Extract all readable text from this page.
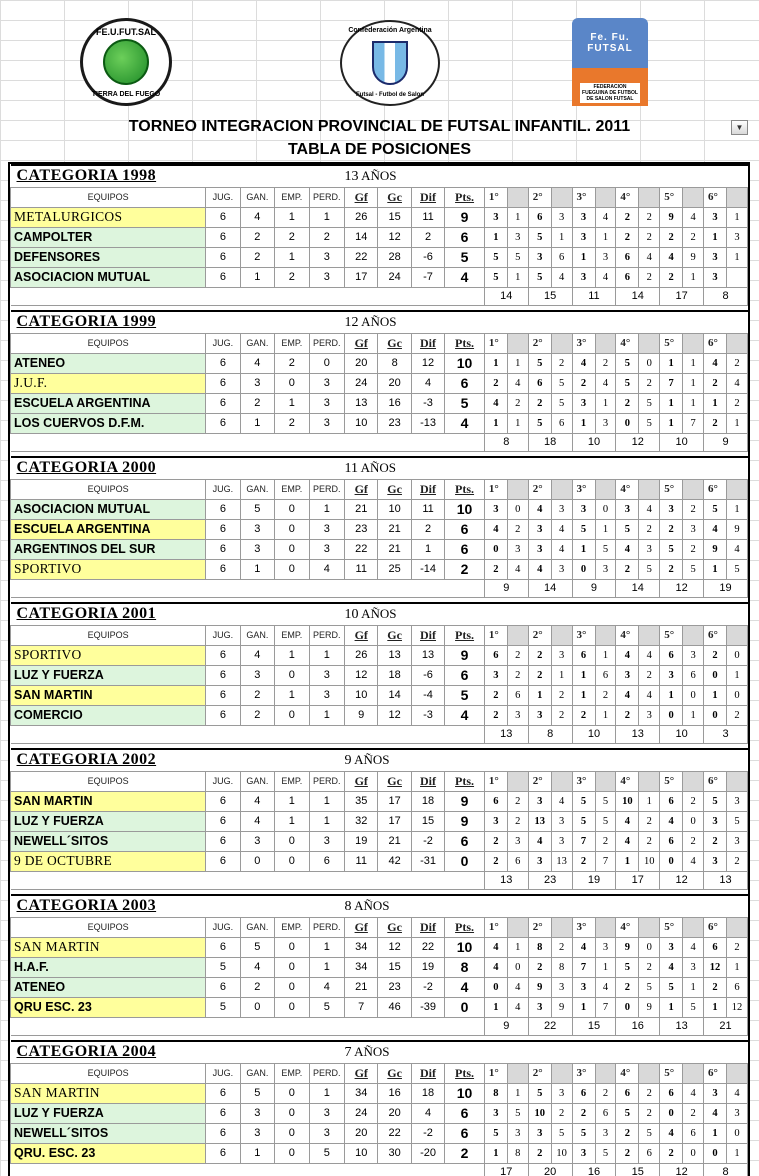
FE.U.FUT.SAL
TIERRA DEL FUEGO
Confederación Argentina
Futsal - Futbol de Salon
Fe. Fu.
FUTSAL
FEDERACION FUEGUINA DE FUTBOL DE SALON FUTSAL
TORNEO INTEGRACION PROVINCIAL DE FUTSAL INFANTIL. 2011
TABLA DE POSICIONES
▼
CATEGORIA 1998					13 AÑOS															
EQUIPOS	JUG.	GAN.	EMP.	PERD.	Gf	Gc	Dif	Pts.	1°		2°		3°		4°		5°		6°	
METALURGICOS	6	4	1	1	26	15	11	9	3	1	6	3	3	4	2	2	9	4	3	1
CAMPOLTER	6	2	2	2	14	12	2	6	1	3	5	1	3	1	2	2	2	2	1	3
DEFENSORES	6	2	1	3	22	28	-6	5	5	5	3	6	1	3	6	4	4	9	3	1
ASOCIACION MUTUAL	6	1	2	3	17	24	-7	4	5	1	5	4	3	4	6	2	2	1	3	
									14		15		11		14		17		8	

CATEGORIA 1999					12 AÑOS															
EQUIPOS	JUG.	GAN.	EMP.	PERD.	Gf	Gc	Dif	Pts.	1°		2°		3°		4°		5°		6°	
ATENEO	6	4	2	0	20	8	12	10	1	1	5	2	4	2	5	0	1	1	4	2
J.U.F.	6	3	0	3	24	20	4	6	2	4	6	5	2	4	5	2	7	1	2	4
ESCUELA ARGENTINA	6	2	1	3	13	16	-3	5	4	2	2	5	3	1	2	5	1	1	1	2
LOS CUERVOS D.F.M.	6	1	2	3	10	23	-13	4	1	1	5	6	1	3	0	5	1	7	2	1
									8		18		10		12		10		9	

CATEGORIA 2000					11 AÑOS															
EQUIPOS	JUG.	GAN.	EMP.	PERD.	Gf	Gc	Dif	Pts.	1°		2°		3°		4°		5°		6°	
ASOCIACION MUTUAL	6	5	0	1	21	10	11	10	3	0	4	3	3	0	3	4	3	2	5	1
ESCUELA ARGENTINA	6	3	0	3	23	21	2	6	4	2	3	4	5	1	5	2	2	3	4	9
ARGENTINOS DEL SUR	6	3	0	3	22	21	1	6	0	3	3	4	1	5	4	3	5	2	9	4
SPORTIVO	6	1	0	4	11	25	-14	2	2	4	4	3	0	3	2	5	2	5	1	5
									9		14		9		14		12		19	

CATEGORIA 2001					10 AÑOS															
EQUIPOS	JUG.	GAN.	EMP.	PERD.	Gf	Gc	Dif	Pts.	1°		2°		3°		4°		5°		6°	
SPORTIVO	6	4	1	1	26	13	13	9	6	2	2	3	6	1	4	4	6	3	2	0
LUZ Y FUERZA	6	3	0	3	12	18	-6	6	3	2	2	1	1	6	3	2	3	6	0	1
SAN MARTIN	6	2	1	3	10	14	-4	5	2	6	1	2	1	2	4	4	1	0	1	0
COMERCIO	6	2	0	1	9	12	-3	4	2	3	3	2	2	1	2	3	0	1	0	2
									13		8		10		13		10		3	

CATEGORIA 2002					9 AÑOS															
EQUIPOS	JUG.	GAN.	EMP.	PERD.	Gf	Gc	Dif	Pts.	1°		2°		3°		4°		5°		6°	
SAN MARTIN	6	4	1	1	35	17	18	9	6	2	3	4	5	5	10	1	6	2	5	3
LUZ Y FUERZA	6	4	1	1	32	17	15	9	3	2	13	3	5	5	4	2	4	0	3	5
NEWELL´SITOS	6	3	0	3	19	21	-2	6	2	3	4	3	7	2	4	2	6	2	2	3
9 DE OCTUBRE	6	0	0	6	11	42	-31	0	2	6	3	13	2	7	1	10	0	4	3	2
									13		23		19		17		12		13	

CATEGORIA 2003					8 AÑOS															
EQUIPOS	JUG.	GAN.	EMP.	PERD.	Gf	Gc	Dif	Pts.	1°		2°		3°		4°		5°		6°	
SAN MARTIN	6	5	0	1	34	12	22	10	4	1	8	2	4	3	9	0	3	4	6	2
H.A.F.	5	4	0	1	34	15	19	8	4	0	2	8	7	1	5	2	4	3	12	1
ATENEO	6	2	0	4	21	23	-2	4	0	4	9	3	3	4	2	5	5	1	2	6
QRU ESC. 23	5	0	0	5	7	46	-39	0	1	4	3	9	1	7	0	9	1	5	1	12
									9		22		15		16		13		21	

CATEGORIA 2004					7 AÑOS															
EQUIPOS	JUG.	GAN.	EMP.	PERD.	Gf	Gc	Dif	Pts.	1°		2°		3°		4°		5°		6°	
SAN MARTIN	6	5	0	1	34	16	18	10	8	1	5	3	6	2	6	2	6	4	3	4
LUZ Y FUERZA	6	3	0	3	24	20	4	6	3	5	10	2	2	6	5	2	0	2	4	3
NEWELL´SITOS	6	3	0	3	20	22	-2	6	5	3	3	5	5	3	2	5	4	6	1	0
QRU. ESC. 23	6	1	0	5	10	30	-20	2	1	8	2	10	3	5	2	6	2	0	0	1
									17		20		16		15		12		8	
